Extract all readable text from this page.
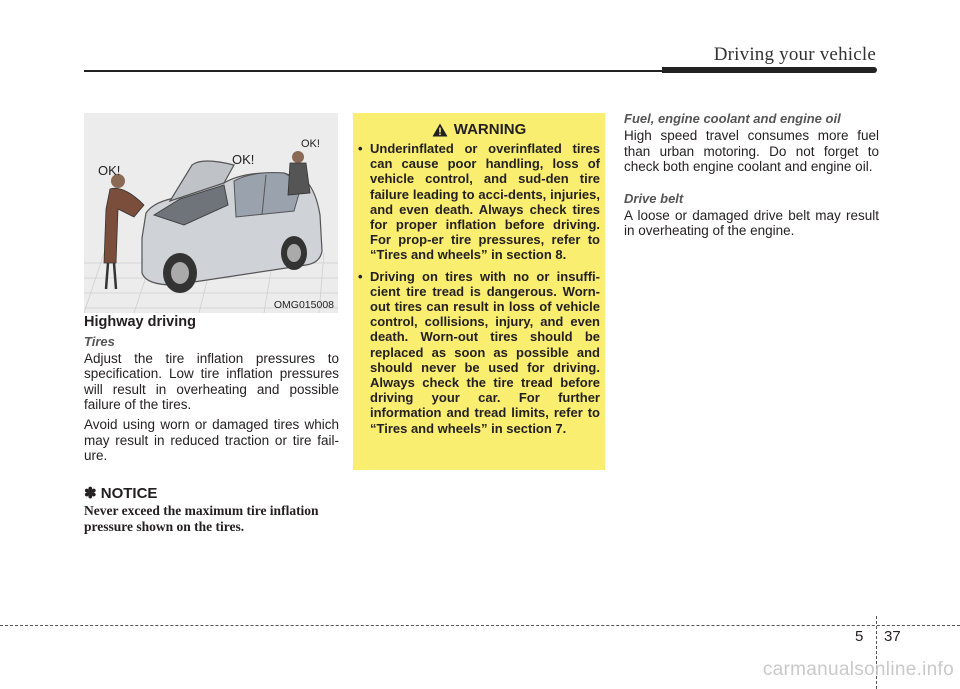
Driving your vehicle
OK!
OK!
OK!
OMG015008
Highway driving
Tires

Adjust the tire inflation pressures to specification. Low tire inflation pressures will result in overheating and possible failure of the tires.

Avoid using worn or damaged tires which may result in reduced traction or tire fail-ure.

✽ NOTICE
Never exceed the maximum tire inflation pressure shown on the tires.
WARNING
• Underinflated or overinflated tires can cause poor handling, loss of vehicle control, and sud-den tire failure leading to acci-dents, injuries, and even death. Always check tires for proper inflation before driving. For prop-er tire pressures, refer to “Tires and wheels” in section 8.
• Driving on tires with no or insuffi-cient tire tread is dangerous. Worn-out tires can result in loss of vehicle control, collisions, injury, and even death. Worn-out tires should be replaced as soon as possible and should never be used for driving. Always check the tire tread before driving your car. For further information and tread limits, refer to “Tires and wheels” in section 7.
Fuel, engine coolant and engine oil

High speed travel consumes more fuel than urban motoring. Do not forget to check both engine coolant and engine oil.

Drive belt

A loose or damaged drive belt may result in overheating of the engine.

5 37
carmanualsonline.info
